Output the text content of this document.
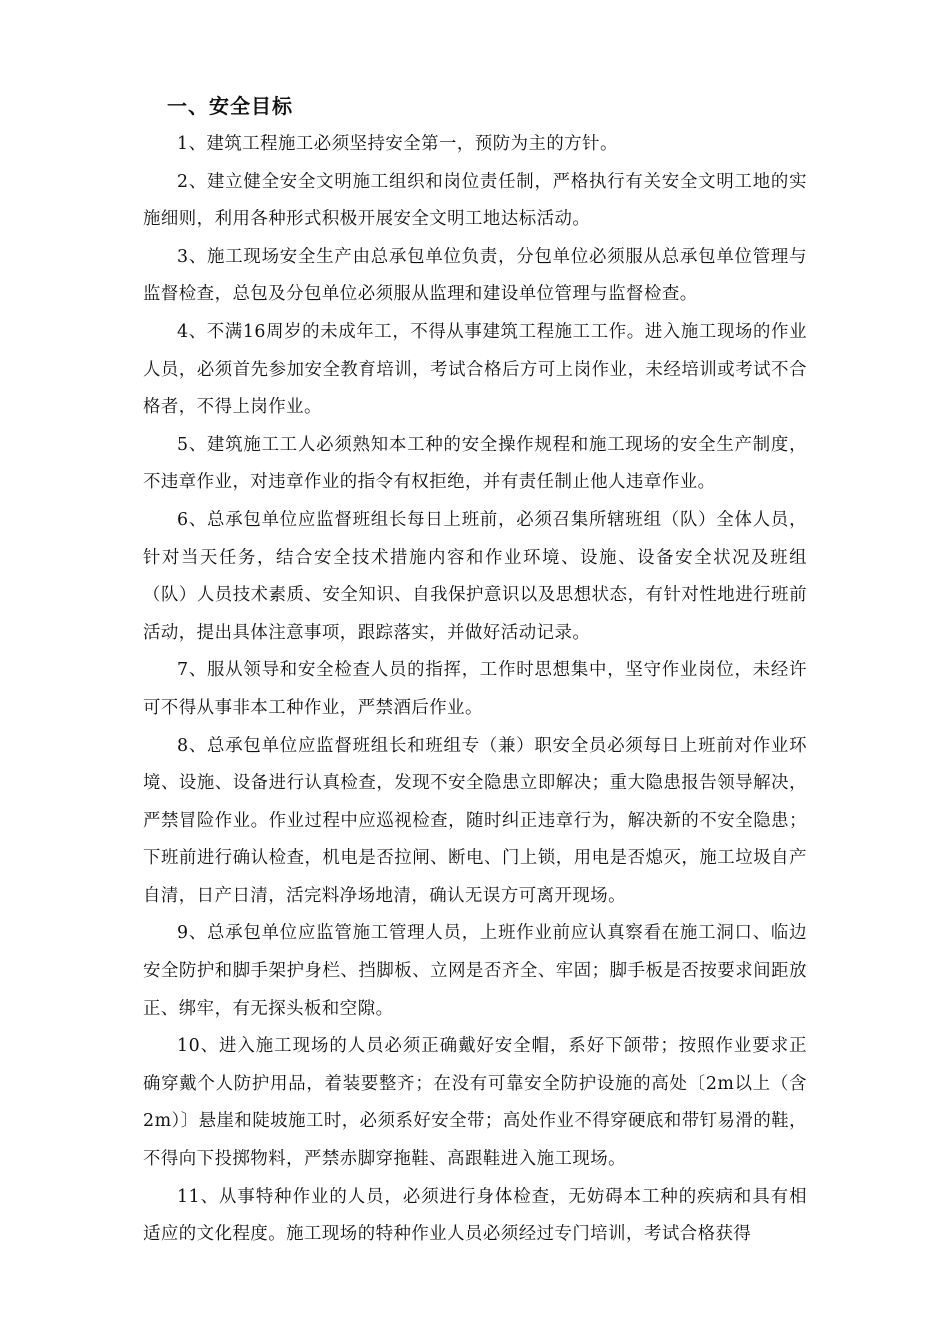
一、安全目标

1、建筑工程施工必须坚持安全第一，预防为主的方针。

2、建立健全安全文明施工组织和岗位责任制，严格执行有关安全文明工地的实施细则，利用各种形式积极开展安全文明工地达标活动。

3、施工现场安全生产由总承包单位负责，分包单位必须服从总承包单位管理与监督检查，总包及分包单位必须服从监理和建设单位管理与监督检查。

4、不满16周岁的未成年工，不得从事建筑工程施工工作。进入施工现场的作业人员，必须首先参加安全教育培训，考试合格后方可上岗作业，未经培训或考试不合格者，不得上岗作业。

5、建筑施工工人必须熟知本工种的安全操作规程和施工现场的安全生产制度，不违章作业，对违章作业的指令有权拒绝，并有责任制止他人违章作业。

6、总承包单位应监督班组长每日上班前，必须召集所辖班组（队）全体人员，针对当天任务，结合安全技术措施内容和作业环境、设施、设备安全状况及班组（队）人员技术素质、安全知识、自我保护意识以及思想状态，有针对性地进行班前活动，提出具体注意事项，跟踪落实，并做好活动记录。

7、服从领导和安全检查人员的指挥，工作时思想集中，坚守作业岗位，未经许可不得从事非本工种作业，严禁酒后作业。

8、总承包单位应监督班组长和班组专（兼）职安全员必须每日上班前对作业环境、设施、设备进行认真检查，发现不安全隐患立即解决；重大隐患报告领导解决，严禁冒险作业。作业过程中应巡视检查，随时纠正违章行为，解决新的不安全隐患；下班前进行确认检查，机电是否拉闸、断电、门上锁，用电是否熄灭，施工垃圾自产自清，日产日清，活完料净场地清，确认无误方可离开现场。

9、总承包单位应监管施工管理人员，上班作业前应认真察看在施工洞口、临边安全防护和脚手架护身栏、挡脚板、立网是否齐全、牢固；脚手板是否按要求间距放正、绑牢，有无探头板和空隙。

10、进入施工现场的人员必须正确戴好安全帽，系好下颌带；按照作业要求正确穿戴个人防护用品，着装要整齐；在没有可靠安全防护设施的高处〔2m以上（含2m）〕悬崖和陡坡施工时，必须系好安全带；高处作业不得穿硬底和带钉易滑的鞋，不得向下投掷物料，严禁赤脚穿拖鞋、高跟鞋进入施工现场。

11、从事特种作业的人员，必须进行身体检查，无妨碍本工种的疾病和具有相适应的文化程度。施工现场的特种作业人员必须经过专门培训，考试合格获得
